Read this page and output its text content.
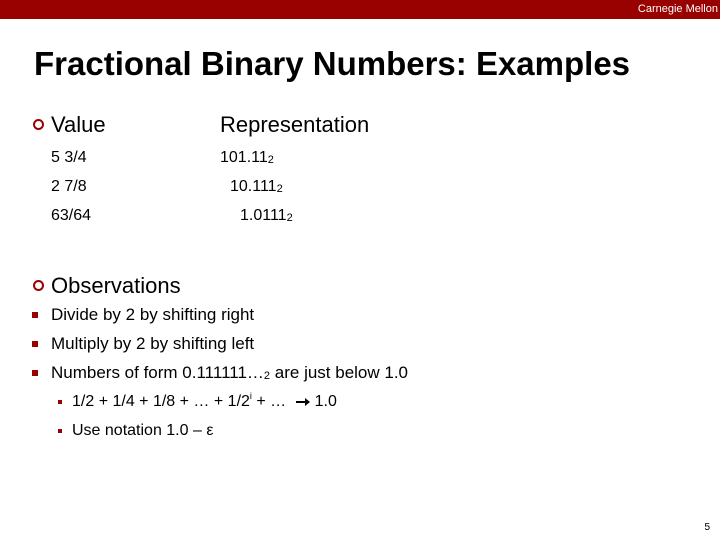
Carnegie Mellon
Fractional Binary Numbers: Examples
Value	Representation
5 3/4
2 7/8
63/64
$101.11_2$
$10.111_2$
$1.0111_2$
Observations
Divide by 2 by shifting right
Multiply by 2 by shifting left
Numbers of form $0.111111\dots_2$ are just below 1.0
1/2 + 1/4 + 1/8 + … + $1/2^i$ + … 1.0
Use notation 1.0 – ε
5
